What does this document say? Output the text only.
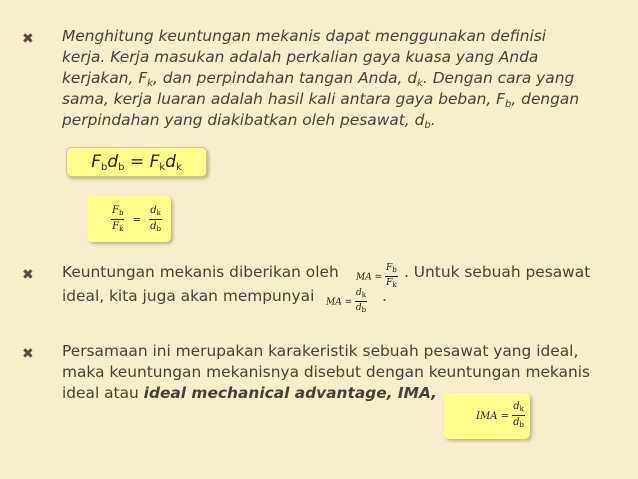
✖ Menghitung keuntungan mekanis dapat menggunakan definisi
kerja. Kerja masukan adalah perkalian gaya kuasa yang Anda
kerjakan, $F_k$, dan perpindahan tangan Anda, $d_k$. Dengan cara yang
sama, kerja luaran adalah hasil kali antara gaya beban, $F_b$, dengan
perpindahan yang diakibatkan oleh pesawat, $d_b$.
$F_bd_b = F_kd_k$
$\frac{F_b}{F_k} = \frac{d_k}{d_b}$
✖ Keuntungan mekanis diberikan oleh	. Untuk sebuah pesawat
ideal, kita juga akan mempunyai	.
MA = $\frac{F_b}{F_k}$
MA = $\frac{d_k}{d_b}$
✖ Persamaan ini merupakan karakeristik sebuah pesawat yang ideal,
maka keuntungan mekanisnya disebut dengan keuntungan mekanis
ideal atau ideal mechanical advantage, IMA,
IMA = $\frac{d_k}{d_b}$
